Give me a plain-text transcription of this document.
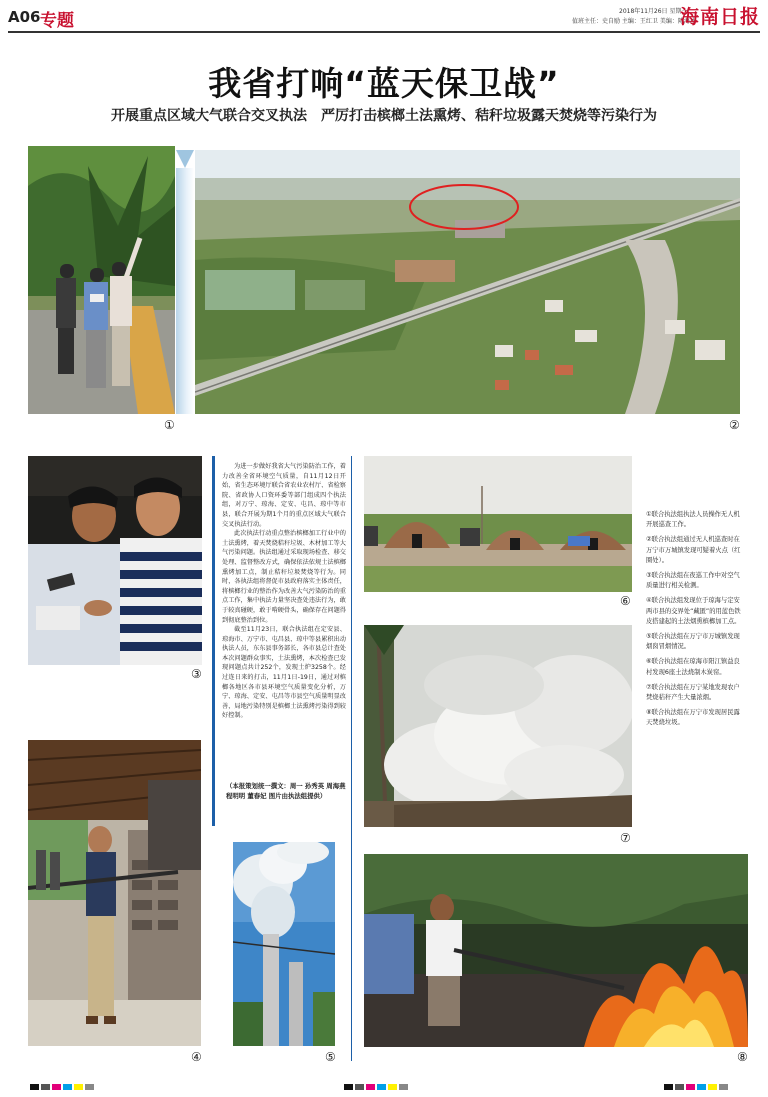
A06 专题	2018年11月26日 星期一
值班主任：史自励 主编：王红卫 美编：陈海冰
海南日报
我省打响“蓝天保卫战”
开展重点区域大气联合交叉执法　严厉打击槟榔土法熏烤、秸秆垃圾露天焚烧等污染行为
①	②
③
④

为进一步做好我省大气污染防治工作，着力改善全省环境空气质量，自11月12日开始，省生态环境厅联合省农业农村厅、省检察院、省政协人口资环委等部门组成四个执法组，对万宁、琼海、定安、屯昌、琼中等市县，联合开展为期1个月的重点区域大气联合交叉执法行动。

此次执法行动重点整治槟榔加工行业中的土法熏烤，着天焚烧秸秆垃圾、木材加工等大气污染问题。执法组通过采取现场检查、移交处理、监督整改方式，确保依法依规土法槟榔熏烤加工点，制止秸秆垃圾焚烧等行为。同时，各执法组将督促市县政府落实主体责任，将槟榔行业的整治作为改善大气污染防治的重点工作，集中执法力量坚决查处违法行为，敢于较真碰硬，敢于啃硬骨头，确保存在问题得到彻底整治到位。

截至11月23日，联合执法组在定安县、琼海市、万宁市、屯昌县、琼中等县累积出动执法人员，东东县事务部长，各市县总计查处本次问题群众事实，土法熏烤，本次检查已发现问题点共计252个，发现土炉3258个。经过连日来的打击，11月1日-19日，通过对槟榔各地区各市县环境空气质量变化分析，万宁、琼海、定安、屯昌等市县空气质量明显改善，局地污染特别是槟榔土法熏烤污染得到较好控制。

（本报策划统一撰文：周一 孙秀英 周海燕 程明明 董春妃 图片由执法组提供）
⑤
⑥
⑦
⑧
①联合执法组执法人员操作无人机开展巡查工作。
②联合执法组通过无人机巡查时在万宁市万城镇发现可疑着火点（红圈处）。
③联合执法组在夜巡工作中对空气质量进行相关检测。
④联合执法组发现位于琼海与定安两市县的交界处“藏匿”的用蓝色铁皮搭建起的土法烟熏槟榔加工点。
⑤联合执法组在万宁市万城镇发现烟囱冒烟情况。
⑥联合执法组在琼海市阳江镇益良村发现6座土法烧制木炭窑。
⑦联合执法组在万宁某地发现农户焚烧秸秆产生大量浓烟。
⑧联合执法组在万宁市发现居民露天焚烧垃圾。
